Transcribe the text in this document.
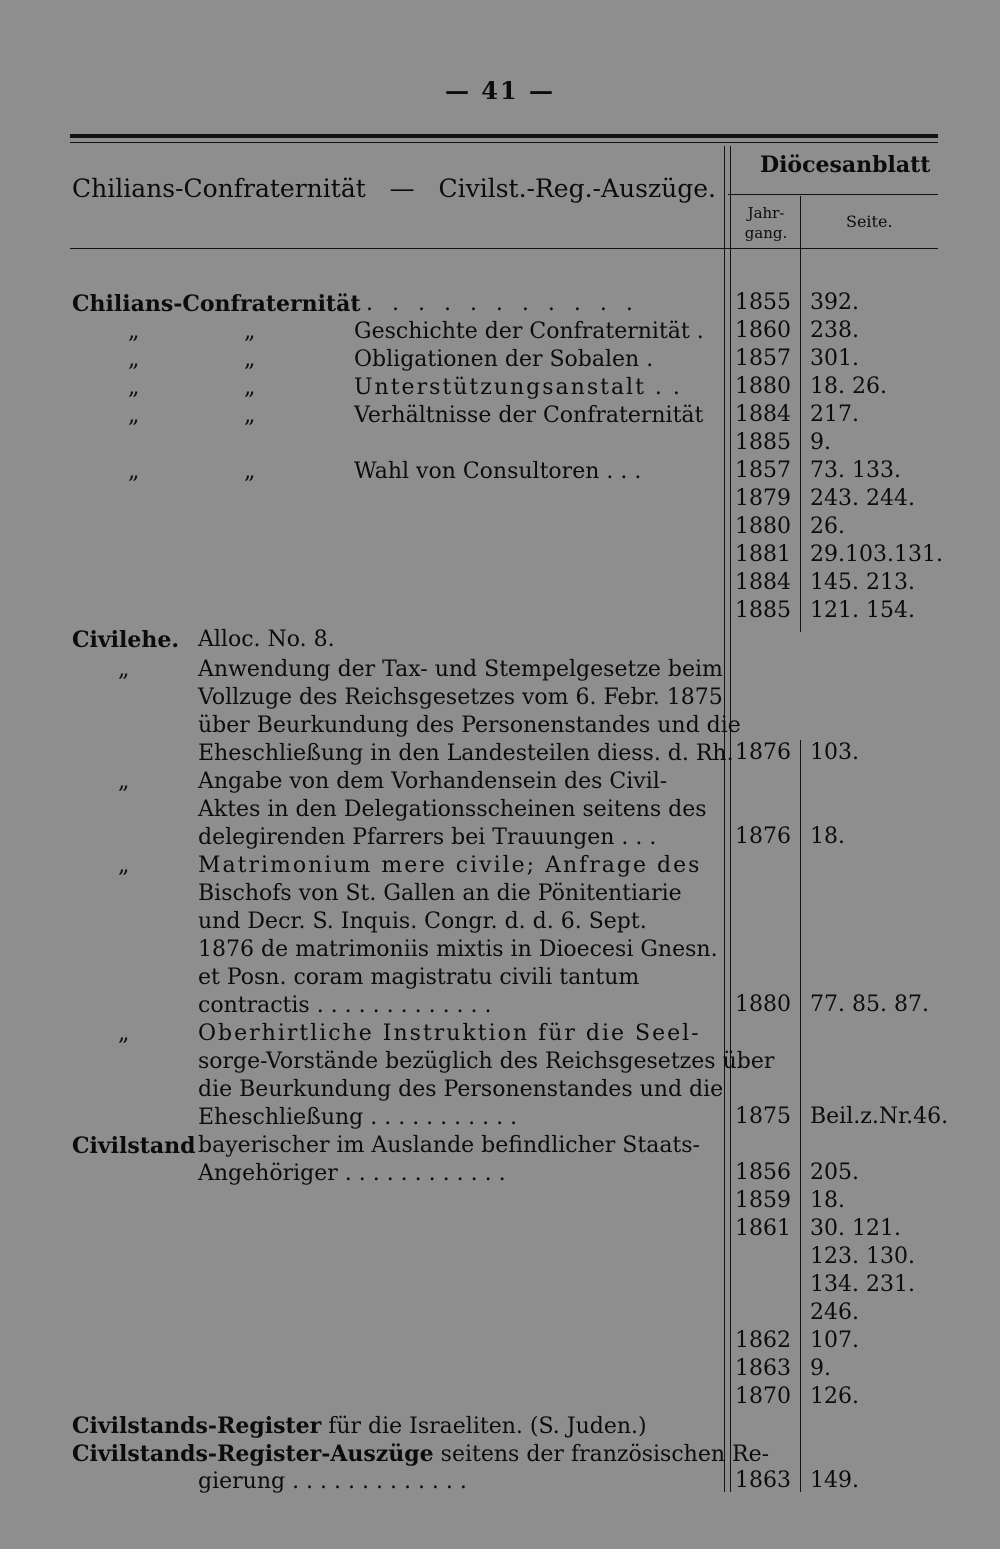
— 41 —
Chilians-Confraternität — Civilst.-Reg.-Auszüge.
Diöcesanblatt
Jahr-gang.
Seite.
Chilians-Confraternität . . . . . . . . . . .	1855 392.
„	„	Geschichte der Confraternität . 1860 238.
„	„	Obligationen der Sobalen .	1857 301.
„	„	Unterstützungsanstalt . . 1880 18. 26.
„	„	Verhältnisse der Confraternität 1884 217.
1885 9.
„	„	Wahl von Consultoren . . .	1857 73. 133.
1879 243. 244.
1880 26.
1881 29.103.131.
1884 145. 213.
1885 121. 154.
Civilehe. Alloc. No. 8.
„	Anwendung der Tax- und Stempelgesetze beim
Vollzuge des Reichsgesetzes vom 6. Febr. 1875
über Beurkundung des Personenstandes und die
Eheschließung in den Landesteilen diess. d. Rh. 1876 103.
„	Angabe von dem Vorhandensein des Civil-
Aktes in den Delegationsscheinen seitens des
delegirenden Pfarrers bei Trauungen . . .	1876 18.
„	Matrimonium mere civile; Anfrage des
Bischofs von St. Gallen an die Pönitentiarie
und Decr. S. Inquis. Congr. d. d. 6. Sept.
1876 de matrimoniis mixtis in Dioecesi Gnesn.
et Posn. coram magistratu civili tantum
contractis . . . . . . . . . . . . .	1880 77. 85. 87.
„	Oberhirtliche Instruktion für die Seel-
sorge-Vorstände bezüglich des Reichsgesetzes über
die Beurkundung des Personenstandes und die
Eheschließung . . . . . . . . . . .	1875 Beil.z.Nr.46.
Civilstand bayerischer im Auslande befindlicher Staats-
Angehöriger . . . . . . . . . . . .	1856 205.
1859 18.
1861 30. 121.
123. 130.
134. 231.
246.
1862 107.
1863 9.
1870 126.
Civilstands-Register für die Israeliten. (S. Juden.)
Civilstands-Register-Auszüge seitens der französischen Re-
gierung . . . . . . . . . . . . .	1863 149.
